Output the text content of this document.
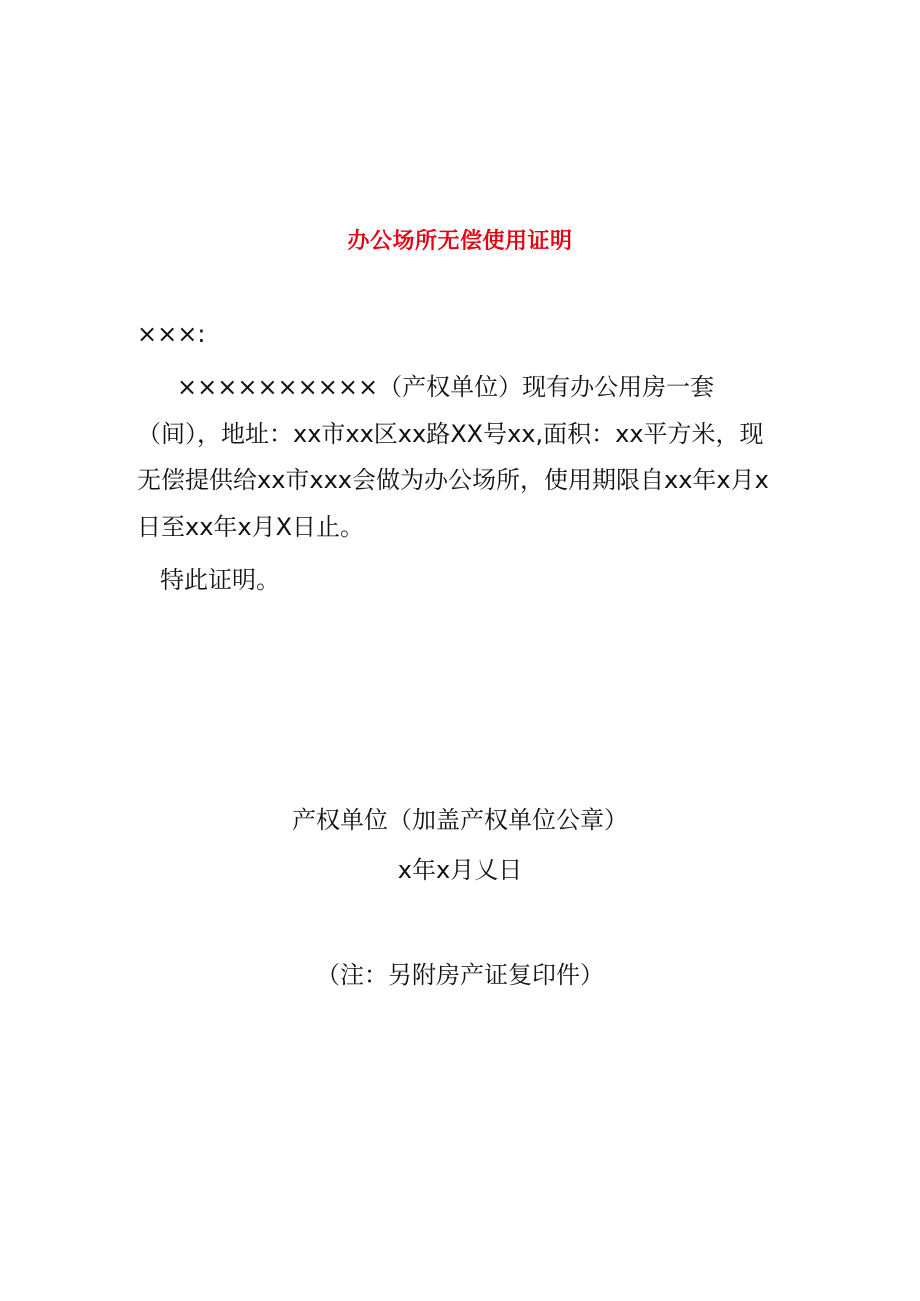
办公场所无偿使用证明
×××:
××××××××××（产权单位）现有办公用房一套（间），地址：xx市xx区xx路XX号xx,面积：xx平方米，现无偿提供给xx市xxx会做为办公场所，使用期限自xx年x月x日至xx年x月X日止。
特此证明。
产权单位（加盖产权单位公章）
x年x月乂日
（注：另附房产证复印件）
